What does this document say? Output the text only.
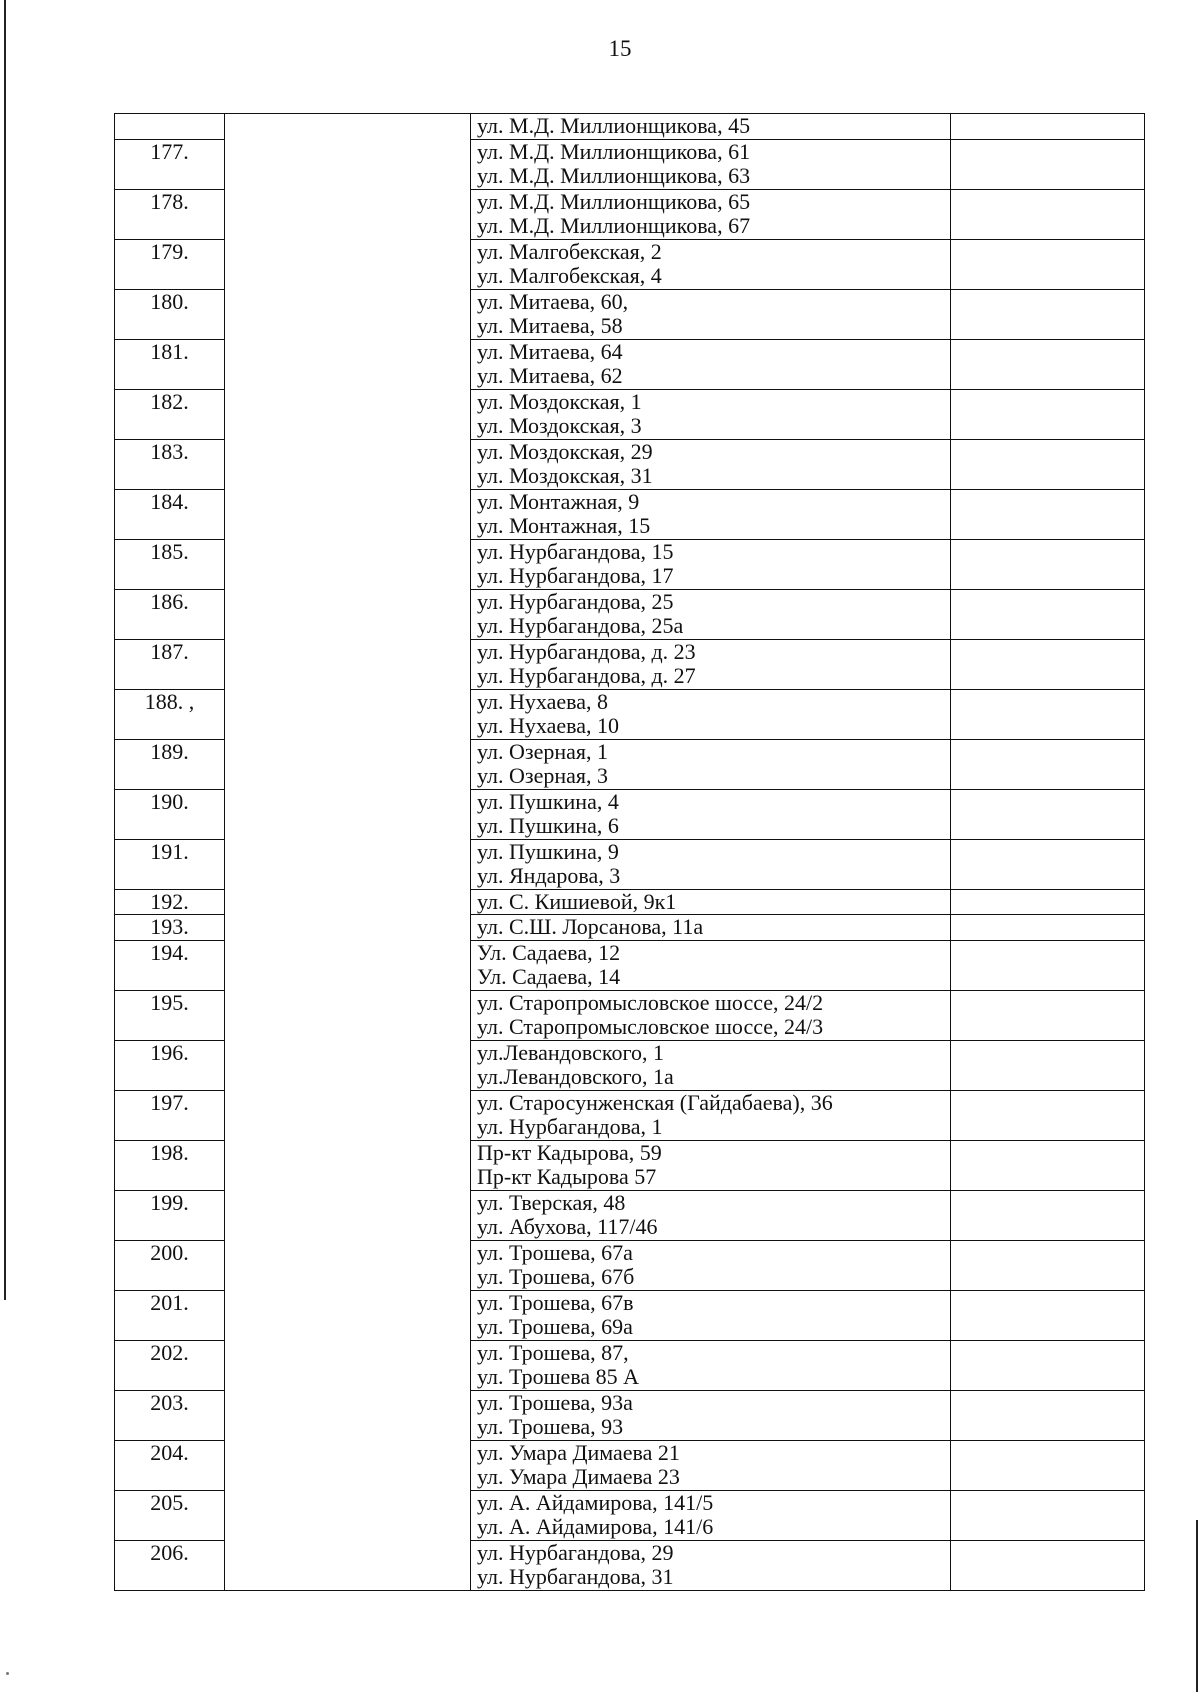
15

		ул. М.Д. Миллионщикова, 45	

177.		ул. М.Д. Миллионщикова, 61
ул. М.Д. Миллионщикова, 63	

178.		ул. М.Д. Миллионщикова, 65
ул. М.Д. Миллионщикова, 67	

179.		ул. Малгобекская, 2
ул. Малгобекская, 4	

180.		ул. Митаева, 60,
ул. Митаева, 58	

181.		ул. Митаева, 64
ул. Митаева, 62	

182.		ул. Моздокская, 1
ул. Моздокская, 3	

183.		ул. Моздокская, 29
ул. Моздокская, 31	

184.		ул. Монтажная, 9
ул. Монтажная, 15	

185.		ул. Нурбагандова, 15
ул. Нурбагандова, 17	

186.		ул. Нурбагандова, 25
ул. Нурбагандова, 25а	

187.		ул. Нурбагандова, д. 23
ул. Нурбагандова, д. 27	

188. ,		ул. Нухаева, 8
ул. Нухаева, 10	

189.		ул. Озерная, 1
ул. Озерная, 3	

190.		ул. Пушкина, 4
ул. Пушкина, 6	

191.		ул. Пушкина, 9
ул. Яндарова, 3	

192.		ул. С. Кишиевой, 9к1	

193.		ул. С.Ш. Лорсанова, 11а	

194.		Ул. Садаева, 12
Ул. Садаева, 14	

195.		ул. Старопромысловское шоссе, 24/2
ул. Старопромысловское шоссе, 24/3	

196.		ул.Левандовского, 1
ул.Левандовского, 1а	

197.		ул. Старосунженская (Гайдабаева), 36
ул. Нурбагандова, 1	

198.		Пр-кт Кадырова, 59
Пр-кт Кадырова 57	

199.		ул. Тверская, 48
ул. Абухова, 117/46	

200.		ул. Трошева, 67а
ул. Трошева, 67б	

201.		ул. Трошева, 67в
ул. Трошева, 69а	

202.		ул. Трошева, 87,
ул. Трошева 85 А	

203.		ул. Трошева, 93а
ул. Трошева, 93	

204.		ул. Умара Димаева 21
ул. Умара Димаева 23	

205.		ул. А. Айдамирова, 141/5
ул. А. Айдамирова, 141/6	

206.		ул. Нурбагандова, 29
ул. Нурбагандова, 31	
